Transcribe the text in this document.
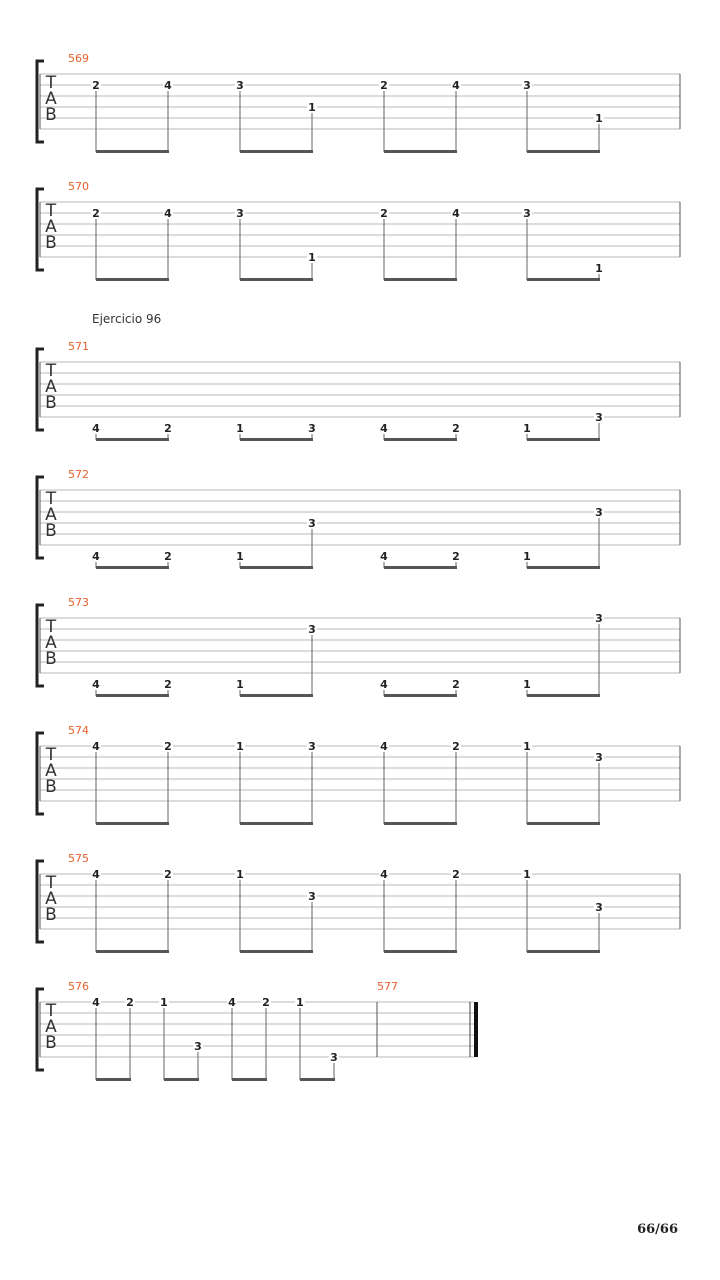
T
A
B
569
2	4	3
1
2	4	3
1
T
A
B
570
2	4	3
1
2	4	3
1
T
A
B
571
4	2	1	3	4	2	1
3
T
A
B
572
4	2	1
3
4	2	1
3
T
A
B
573
4	2	1
3
4	2	1
3
T
A
B
574
4	2	1	3	4	2	1
3
T
A
B
575
4	2	1
3
4	2	1
3
T
A
B
576
4 2 1
3
4 2 1
3
577
Ejercicio 96
66/66
